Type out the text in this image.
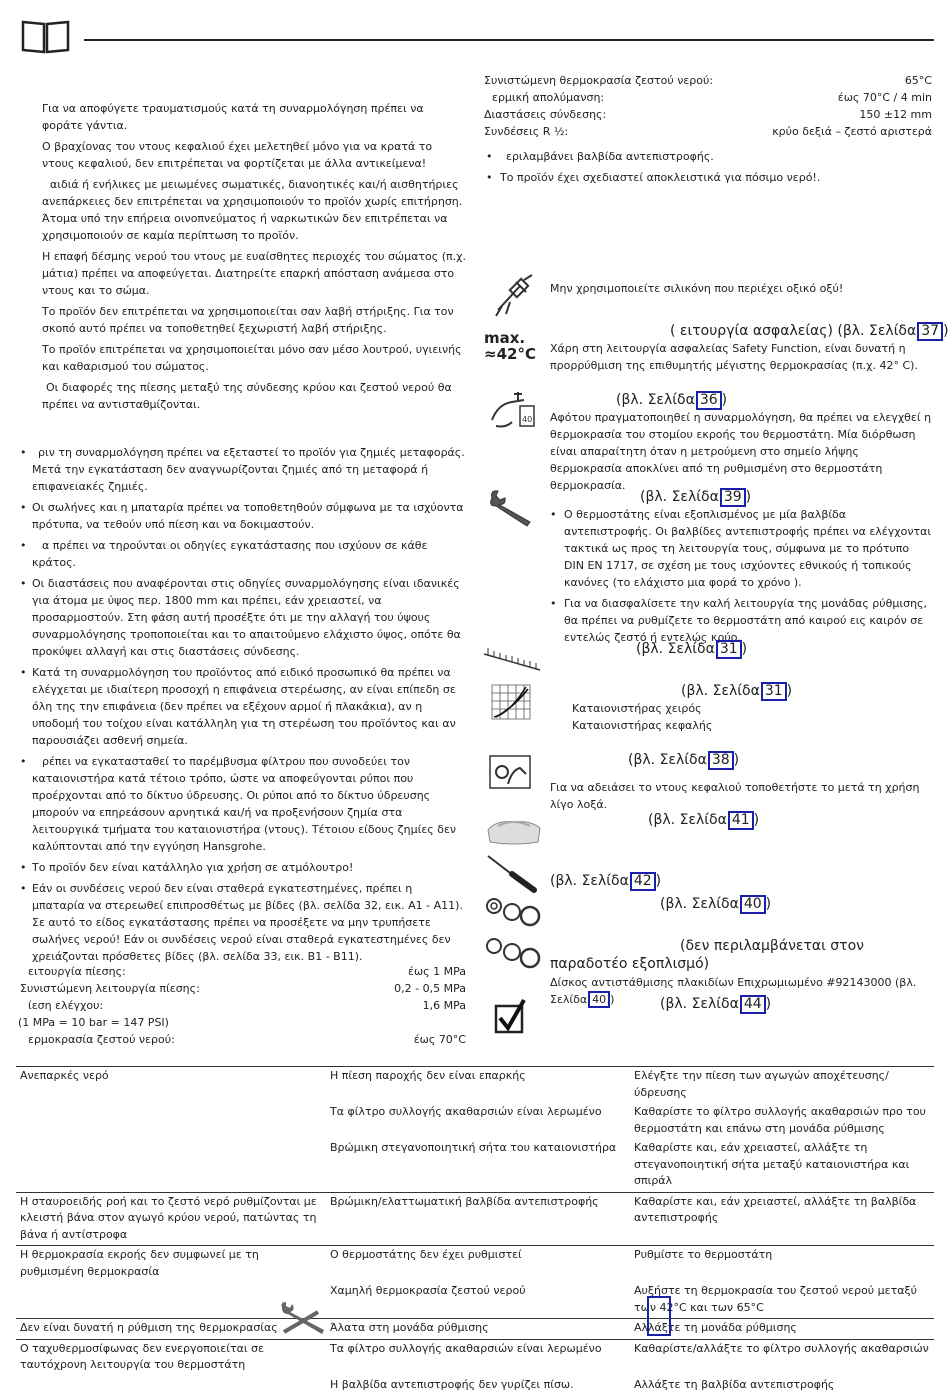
Για να αποφύγετε τραυματισμούς κατά τη συναρμολόγηση πρέπει να φοράτε γάντια.

Ο βραχίονας του ντους κεφαλιού έχει μελετηθεί μόνο για να κρατά το ντους κεφαλιού, δεν επιτρέπεται να φορτίζεται με άλλα αντικείμενα!

αιδιά ή ενήλικες με μειωμένες σωματικές, διανοητικές και/ή αισθητήριες ανεπάρκειες δεν επιτρέπεται να χρησιμοποιούν το προϊόν χωρίς επιτήρηση. Άτομα υπό την επήρεια οινοπνεύματος ή ναρκωτικών δεν επιτρέπεται να χρησιμοποιούν σε καμία περίπτωση το προϊόν.

Η επαφή δέσμης νερού του ντους με ευαίσθητες περιοχές του σώματος (π.χ. μάτια) πρέπει να αποφεύγεται. Διατηρείτε επαρκή απόσταση ανάμεσα στο ντους και το σώμα.

Το προϊόν δεν επιτρέπεται να χρησιμοποιείται σαν λαβή στήριξης. Για τον σκοπό αυτό πρέπει να τοποθετηθεί ξεχωριστή λαβή στήριξης.

Το προϊόν επιτρέπεται να χρησιμοποιείται μόνο σαν μέσο λουτρού, υγιεινής και καθαρισμού του σώματος.

Οι διαφορές της πίεσης μεταξύ της σύνδεσης κρύου και ζεστού νερού θα πρέπει να αντισταθμίζονται.

• ριν τη συναρμολόγηση πρέπει να εξεταστεί το προϊόν για ζημιές μεταφοράς. Μετά την εγκατάσταση δεν αναγνωρίζονται ζημιές από τη μεταφορά ή επιφανειακές ζημιές.
• Οι σωλήνες και η μπαταρία πρέπει να τοποθετηθούν σύμφωνα με τα ισχύοντα πρότυπα, να τεθούν υπό πίεση και να δοκιμαστούν.
• α πρέπει να τηρούνται οι οδηγίες εγκατάστασης που ισχύουν σε κάθε κράτος.
• Οι διαστάσεις που αναφέρονται στις οδηγίες συναρμολόγησης είναι ιδανικές για άτομα με ύψος περ. 1800 mm και πρέπει, εάν χρειαστεί, να προσαρμοστούν. Στη φάση αυτή προσέξτε ότι με την αλλαγή του ύψους συναρμολόγησης τροποποιείται και το απαιτούμενο ελάχιστο ύψος, οπότε θα προκύψει αλλαγή και στις διαστάσεις σύνδεσης.
• Κατά τη συναρμολόγηση του προϊόντος από ειδικό προσωπικό θα πρέπει να ελέγχεται με ιδιαίτερη προσοχή η επιφάνεια στερέωσης, αν είναι επίπεδη σε όλη της την επιφάνεια (δεν πρέπει να εξέχουν αρμοί ή πλακάκια), αν η υποδομή του τοίχου είναι κατάλληλη για τη στερέωση του προϊόντος και αν παρουσιάζει ασθενή σημεία.
• ρέπει να εγκατασταθεί το παρέμβυσμα φίλτρου που συνοδεύει τον καταιονιστήρα κατά τέτοιο τρόπο, ώστε να αποφεύγονται ρύποι που προέρχονται από το δίκτυο ύδρευσης. Οι ρύποι από το δίκτυο ύδρευσης μπορούν να επηρεάσουν αρνητικά και/ή να προξενήσουν ζημία στα λειτουργικά τμήματα του καταιονιστήρα (ντους). Τέτοιου είδους ζημίες δεν καλύπτονται από την εγγύηση Hansgrohe.
• Το προϊόν δεν είναι κατάλληλο για χρήση σε ατμόλουτρο!
• Εάν οι συνδέσεις νερού δεν είναι σταθερά εγκατεστημένες, πρέπει η μπαταρία να στερεωθεί επιπροσθέτως με βίδες (βλ. σελίδα 32, εικ. A1 - A11). Σε αυτό το είδος εγκατάστασης πρέπει να προσέξετε να μην τρυπήσετε σωλήνες νερού! Εάν οι συνδέσεις νερού είναι σταθερά εγκατεστημένες δεν χρειάζονται πρόσθετες βίδες (βλ. σελίδα 33, εικ. B1 - B11).
ειτουργία πίεσης:	έως 1 MPa
Συνιστώμενη λειτουργία πίεσης:	0,2 - 0,5 MPa
ίεση ελέγχου:	1,6 MPa
(1 MPa = 10 bar = 147 PSI)
ερμοκρασία ζεστού νερού:	έως 70°C
Συνιστώμενη θερμοκρασία ζεστού νερού:	65°C
ερμική απολύμανση:	έως 70°C / 4 min
Διαστάσεις σύνδεσης:	150 ±12 mm
Συνδέσεις R ½:	κρύο δεξιά – ζεστό αριστερά
• εριλαμβάνει βαλβίδα αντεπιστροφής.
• Το προϊόν έχει σχεδιαστεί αποκλειστικά για πόσιμο νερό!.
Μην χρησιμοποιείτε σιλικόνη που περιέχει οξικό οξύ!
max.
≈42°C
( ειτουργία ασφαλείας) (βλ. Σελίδα 37 )
Χάρη στη λειτουργία ασφαλείας Safety Function, είναι δυνατή η προρρύθμιση της επιθυμητής μέγιστης θερμοκρασίας (π.χ. 42° C).
40
(βλ. Σελίδα 36 )
Αφότου πραγματοποιηθεί η συναρμολόγηση, θα πρέπει να ελεγχθεί η θερμοκρασία του στομίου εκροής του θερμοστάτη. Μία διόρθωση είναι απαραίτητη όταν η μετρούμενη στο σημείο λήψης θερμοκρασία αποκλίνει από τη ρυθμισμένη στο θερμοστάτη θερμοκρασία.
(βλ. Σελίδα 39 )
• Ο θερμοστάτης είναι εξοπλισμένος με μία βαλβίδα αντεπιστροφής. Οι βαλβίδες αντεπιστροφής πρέπει να ελέγχονται τακτικά ως προς τη λειτουργία τους, σύμφωνα με το πρότυπο DIN EN 1717, σε σχέση με τους ισχύοντες εθνικούς ή τοπικούς κανόνες (το ελάχιστο μια φορά το χρόνο ).
• Για να διασφαλίσετε την καλή λειτουργία της μονάδας ρύθμισης, θα πρέπει να ρυθμίζετε το θερμοστάτη από καιρού εις καιρόν σε εντελώς ζεστό ή εντελώς κρύο.
(βλ. Σελίδα 31 )
(βλ. Σελίδα 31 )
Καταιονιστήρας χειρός
Καταιονιστήρας κεφαλής
(βλ. Σελίδα 38 )
Για να αδειάσει το ντους κεφαλιού τοποθετήστε το μετά τη χρήση λίγο λοξά.
(βλ. Σελίδα 41 )
(βλ. Σελίδα 42 )
(βλ. Σελίδα 40 )
(δεν περιλαμβάνεται στον παραδοτέο εξοπλισμό)
Δίσκος αντιστάθμισης πλακιδίων Επιχρωμιωμένο #92143000 (βλ. Σελίδα 40 )	(βλ. Σελίδα 44 )
Ανεπαρκές νερό	Η πίεση παροχής δεν είναι επαρκής	Ελέγξτε την πίεση των αγωγών αποχέτευσης/ύδρευσης
	Τα φίλτρο συλλογής ακαθαρσιών είναι λερωμένο	Καθαρίστε το φίλτρο συλλογής ακαθαρσιών προ του θερμοστάτη και επάνω στη μονάδα ρύθμισης
	Βρώμικη στεγανοποιητική σήτα του καταιονιστήρα	Καθαρίστε και, εάν χρειαστεί, αλλάξτε τη στεγανοποιητική σήτα μεταξύ καταιονιστήρα και σπιράλ
Η σταυροειδής ροή και το ζεστό νερό ρυθμίζονται με κλειστή βάνα στον αγωγό κρύου νερού, πατώντας τη βάνα ή αντίστροφα	Βρώμικη/ελαττωματική βαλβίδα αντεπιστροφής	Καθαρίστε και, εάν χρειαστεί, αλλάξτε τη βαλβίδα αντεπιστροφής
Η θερμοκρασία εκροής δεν συμφωνεί με τη ρυθμισμένη θερμοκρασία	Ο θερμοστάτης δεν έχει ρυθμιστεί	Ρυθμίστε το θερμοστάτη
	Χαμηλή θερμοκρασία ζεστού νερού	Αυξήστε τη θερμοκρασία του ζεστού νερού μεταξύ των 42°C και των 65°C
Δεν είναι δυνατή η ρύθμιση της θερμοκρασίας	Άλατα στη μονάδα ρύθμισης	Αλλάξτε τη μονάδα ρύθμισης
Ο ταχυθερμοσίφωνας δεν ενεργοποιείται σε ταυτόχρονη λειτουργία του θερμοστάτη	Τα φίλτρο συλλογής ακαθαρσιών είναι λερωμένο	Καθαρίστε/αλλάξτε το φίλτρο συλλογής ακαθαρσιών
	Η βαλβίδα αντεπιστροφής δεν γυρίζει πίσω.	Αλλάξτε τη βαλβίδα αντεπιστροφής
